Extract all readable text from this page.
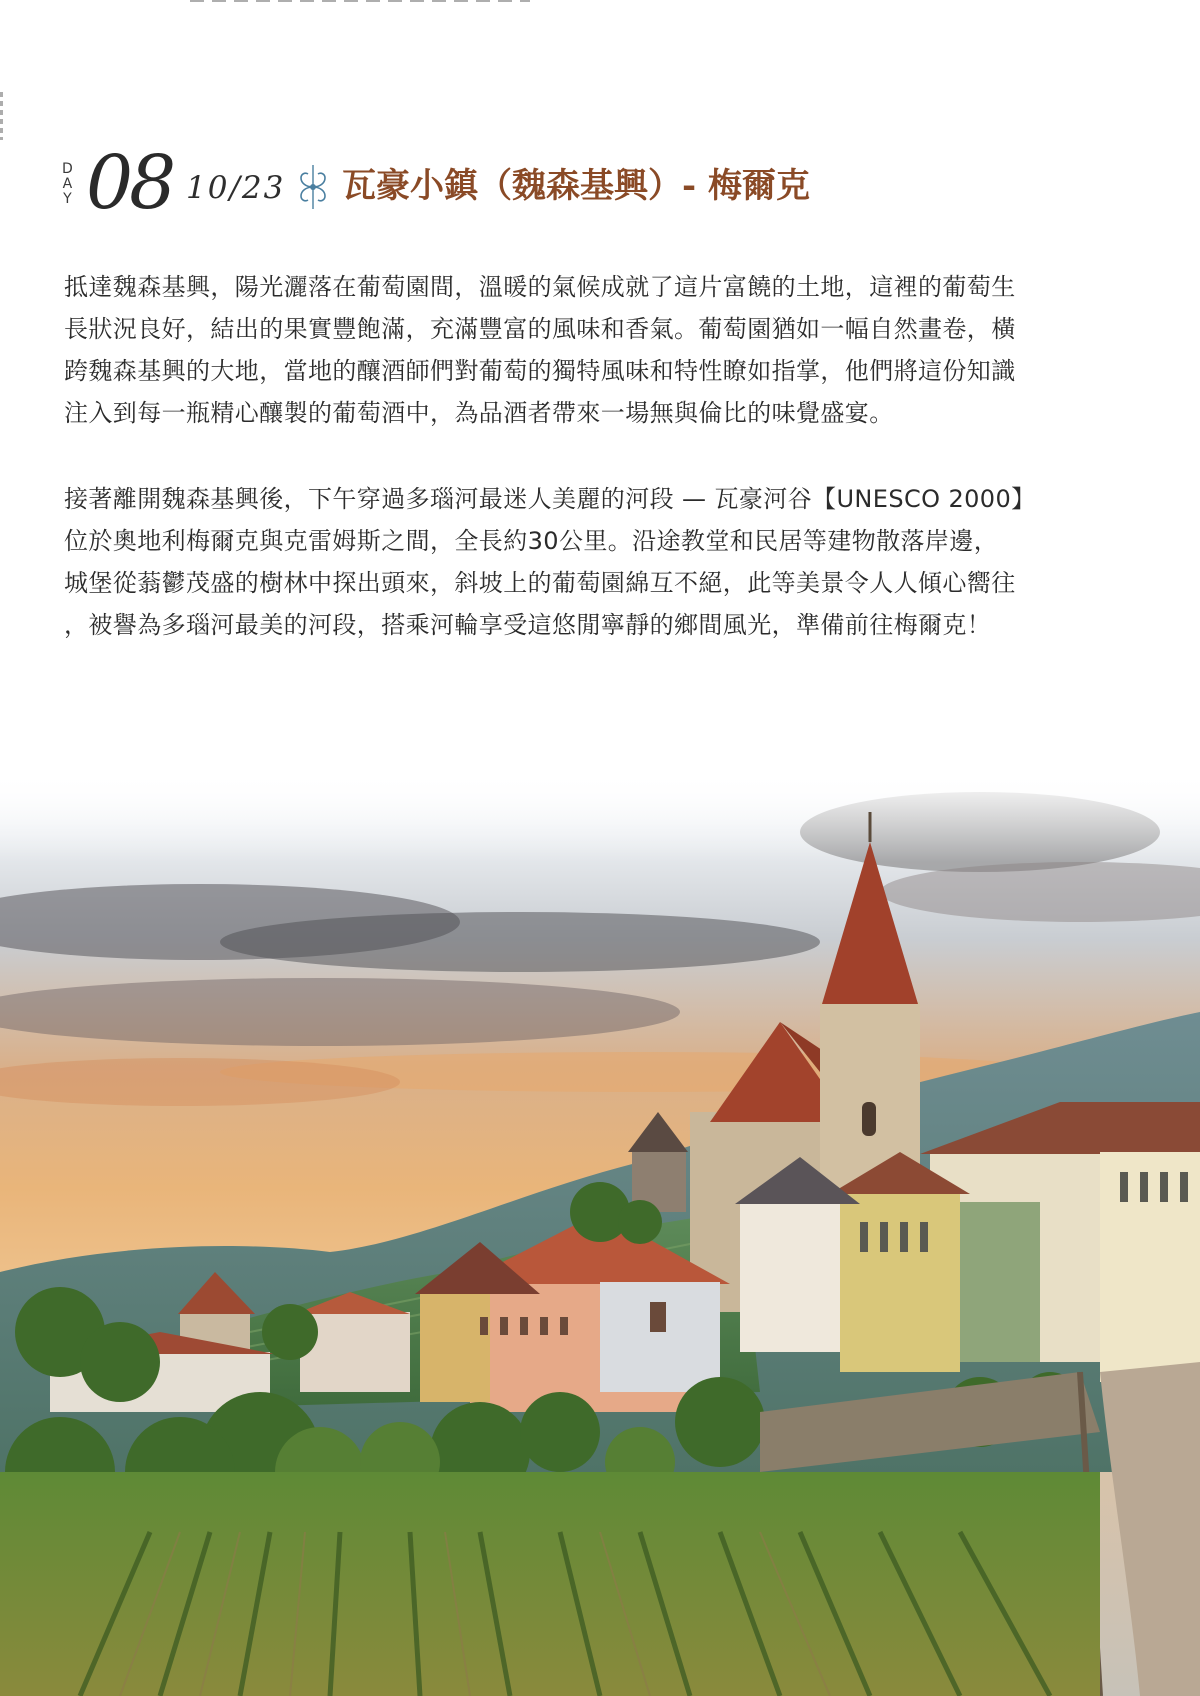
D
A
Y 08 10/23 瓦豪小鎮（魏森基興）- 梅爾克
抵達魏森基興，陽光灑落在葡萄園間，溫暖的氣候成就了這片富饒的土地，這裡的葡萄生
長狀況良好，結出的果實豐飽滿，充滿豐富的風味和香氣。葡萄園猶如一幅自然畫卷，橫
跨魏森基興的大地，當地的釀酒師們對葡萄的獨特風味和特性瞭如指掌，他們將這份知識
注入到每一瓶精心釀製的葡萄酒中，為品酒者帶來一場無與倫比的味覺盛宴。
接著離開魏森基興後，下午穿過多瑙河最迷人美麗的河段 — 瓦豪河谷【UNESCO 2000】
位於奧地利梅爾克與克雷姆斯之間，全長約30公里。沿途教堂和民居等建物散落岸邊，
城堡從蓊鬱茂盛的樹林中探出頭來，斜坡上的葡萄園綿互不絕，此等美景令人人傾心嚮往
，被譽為多瑙河最美的河段，搭乘河輪享受這悠閒寧靜的鄉間風光，準備前往梅爾克！
